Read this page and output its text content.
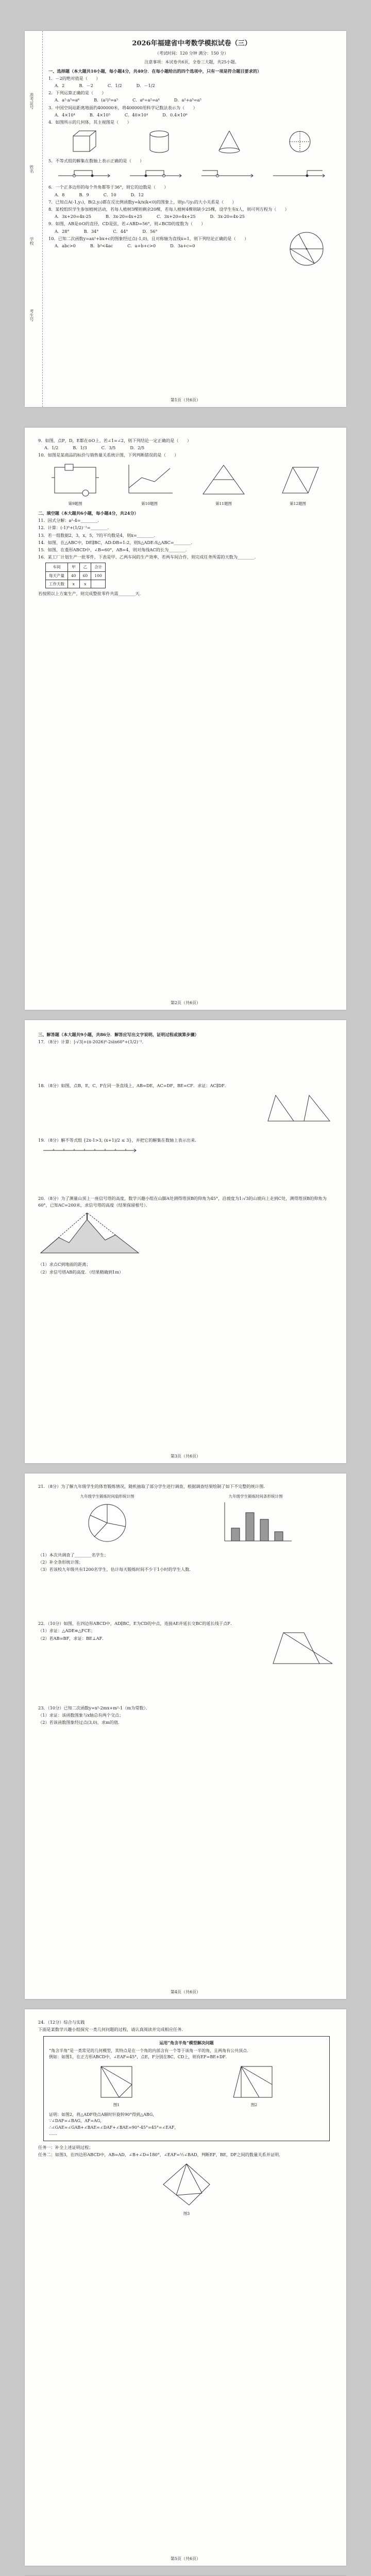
准考证号
姓名
学校
考生号
2026年福建省中考数学模拟试卷（三）
（考试时间：120 分钟 满分：150 分）
注意事项：本试卷共6页，全卷三大题，共25小题。
一、选择题（本大题共10小题，每小题4分，共40分．在每小题给出的四个选项中，只有一项是符合题目要求的）
1．－2的绝对值是（　　）
A．2	B．－2	C．1/2	D．－1/2
2．下列运算正确的是（　　）
A．a²·a³=a⁶	B．(a²)³=a⁵	C．a⁶÷a²=a⁴	D．a²+a³=a⁵
3．中国空间站距离地面约400000米，将400000用科学记数法表示为（　　）
A．4×10⁴	B．4×10⁵	C．40×10⁴	D．0.4×10⁶
4．如图所示的几何体，其主视图是（　　）
5．不等式组的解集在数轴上表示正确的是（　　）
6．一个正多边形的每个外角都等于36°，则它的边数是（　　）
A．8	B．9	C．10	D．12
7．已知点A(-1,y₁)，B(2,y₂)都在反比例函数y=k/x(k<0)的图象上，则y₁与y₂的大小关系是（　　）
8．某校组织学生参加植树活动，若每人植树3棵则剩余20棵，若每人植树4棵则缺少25棵，设学生有x人，则可列方程为（　　）
A．3x+20=4x-25	B．3x-20=4x+25	C．3x+20=4x+25	D．3x-20=4x-25
9．如图，AB是⊙O的直径，CD是弦，若∠ABD=56°，则∠BCD的度数为（　　）
A．28°	B．34°	C．44°	D．56°
10．已知二次函数y=ax²+bx+c的图象经过点(-1,0)，且对称轴为直线x=1，则下列结论正确的是（　　）
A．abc>0	B．b²<4ac	C．a+b+c>0	D．3a+c=0
第1页（共6页）
9．如图，点P，D，E都在⊙O上，若∠1=∠2，则下列结论一定正确的是（　　）
A．1/2	B．1/3	C．3/5	D．2/5
10．如图是某商品的标价与销售量关系统计图，下列判断错误的是（　　）
第9题图	第10题图	第11题图	第12题图
二、填空题（本大题共6小题，每小题4分，共24分）
11．因式分解：a²-4=________．
12．计算：(-1)⁰+(1/2)⁻¹=________．
13．若一组数据2，3，x，5，7的平均数是4，则x=________．
14．如图，在△ABC中，DE∥BC，AD:DB=1:2，则S△ADE:S△ABC=________．
15．如图，在菱形ABCD中，∠B=60°，AB=4，则对角线AC的长为________．
16．某工厂计划生产一批零件，下表是甲、乙两车间的生产效率，若两车间合作，则完成任务所需的天数为________．
车间	甲	乙	合计
每天产量	40	60	100
工作天数	x	x	
若按照以上方案生产，则完成整批零件共需________天．
第2页（共6页）
三、解答题（本大题共9小题，共86分．解答应写出文字说明、证明过程或演算步骤）
17．（8分）计算：|-√3|+(π-2026)⁰-2sin60°+(1/2)⁻¹．
18．（8分）如图，点B，E，C，F在同一条直线上，AB=DE，AC=DF，BE=CF．求证：AC∥DF．
19．（8分）解不等式组 {2x-1>3, (x+1)/2 ≤ 3}，并把它的解集在数轴上表示出来．
20．（8分）为了测量山顶上一座信号塔的高度，数学兴趣小组在山脚A处测得塔顶B的仰角为45°，沿坡度为1:√3的山坡向上走到C处，测得塔顶B的仰角为60°，已知AC=200米，求信号塔的高度（结果保留根号）．
（1）求点C到地面的距离；
（2）求信号塔AB的高度．（结果精确到1m）
第3页（共6页）
21．（8分）为了解九年级学生的体育锻炼情况，随机抽取了部分学生进行调查，根据调查结果绘制了如下不完整的统计图．
九年级学生锻炼时间扇形统计图	九年级学生锻炼时间条形统计图
（1）本次共调查了________名学生；
（2）补全条形统计图；
（3）若该校九年级共有1200名学生，估计每天锻炼时间不少于1小时的学生人数．
22．（10分）如图，在四边形ABCD中，AD∥BC，E为CD的中点，连接AE并延长交BC的延长线于点F．
（1）求证：△ADE≌△FCE；
（2）若AB=BF，求证：BE⊥AF．
23．（10分）已知二次函数y=x²-2mx+m²-1（m为常数）．
（1）求证：该函数图象与x轴总有两个交点；
（2）若该函数图象经过点(3,0)，求m的值．
第4页（共6页）
24．（12分）综合与实践
下面是某数学兴趣小组探究一类几何问题的过程，请认真阅读并完成相应任务．
运用“角含半角”模型解决问题
“角含半角”是一类常见的几何模型，其特点是在一个角的内部含有一个等于该角一半的角，且两角有公共顶点．
例如：如图1，在正方形ABCD中，∠EAF=45°，点E，F分别在BC，CD上，则有EF=BE+DF．
图1	图2
证明：如图2，将△ADF绕点A顺时针旋转90°得到△ABG，
∵∠DAF=∠BAG，AF=AG，
∴∠GAE=∠GAB+∠BAE=∠DAF+∠BAE=90°-45°=45°=∠EAF，
……
任务一：补全上述证明过程；
任务二：如图3，在四边形ABCD中，AB=AD，∠B+∠D=180°，∠EAF=½∠BAD，判断EF，BE，DF之间的数量关系并证明．
图3
第5页（共6页）
